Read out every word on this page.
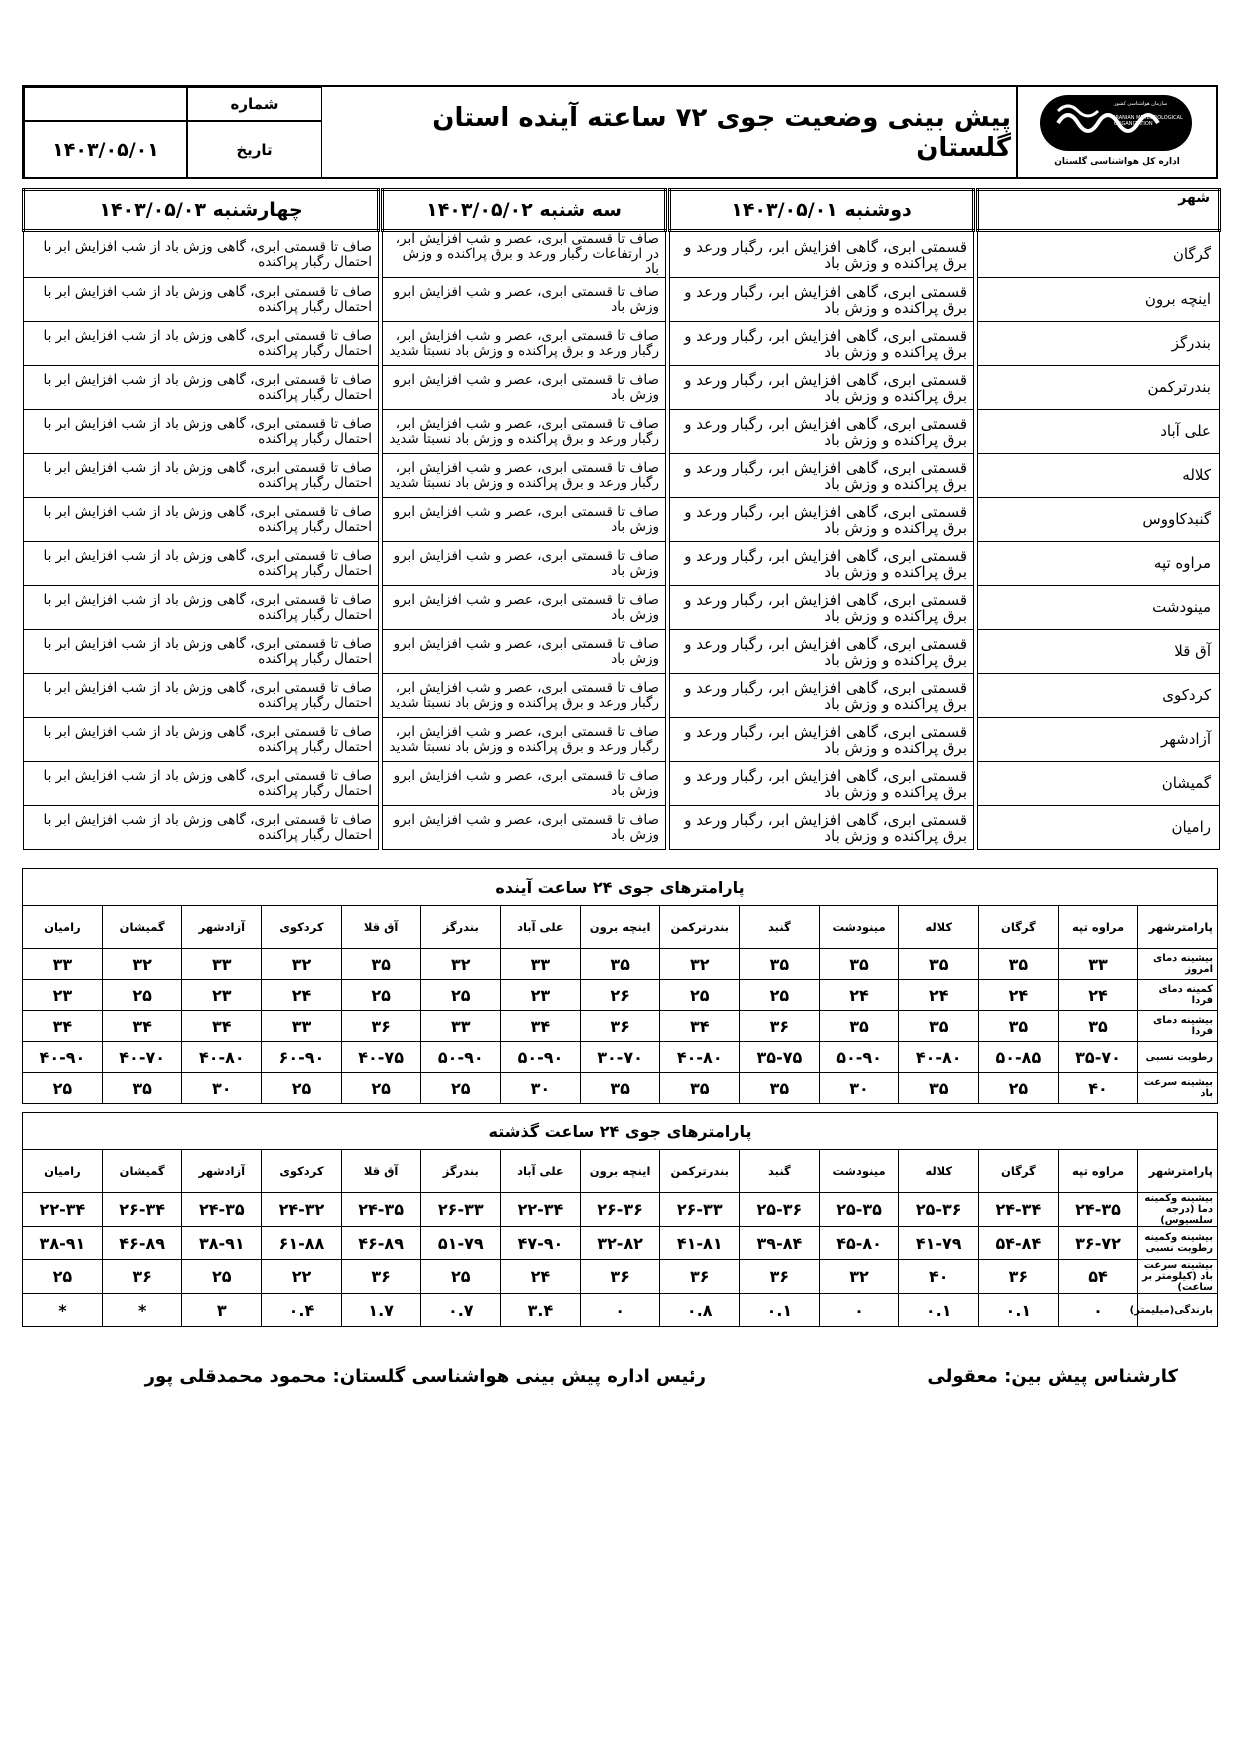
شماره
۱۴۰۳/۰۵/۰۱	تاریخ
پیش بینی وضعیت جوی ۷۲ ساعته آینده استان گلستان	اداره کل هواشناسی گلستان
IRANIAN METEOROLOGICAL ORGANIZATION
سازمان هواشناسی کشور
چهارشنبه ۱۴۰۳/۰۵/۰۳		سه شنبه ۱۴۰۳/۰۵/۰۲		دوشنبه ۱۴۰۳/۰۵/۰۱		شهر
صاف تا قسمتی ابری، گاهی وزش باد از شب افزایش ابر با احتمال رگبار پراکنده		صاف تا قسمتی ابری، عصر و شب افزایش ابر، در ارتفاعات رگبار ورعد و برق پراکنده و وزش باد		قسمتی ابری، گاهی افزایش ابر، رگبار ورعد و برق پراکنده و وزش باد		گرگان
صاف تا قسمتی ابری، گاهی وزش باد از شب افزایش ابر با احتمال رگبار پراکنده		صاف تا قسمتی ابری، عصر و شب افزایش ابرو وزش باد		قسمتی ابری، گاهی افزایش ابر، رگبار ورعد و برق پراکنده و وزش باد		اینچه برون
صاف تا قسمتی ابری، گاهی وزش باد از شب افزایش ابر با احتمال رگبار پراکنده		صاف تا قسمتی ابری، عصر و شب افزایش ابر، رگبار ورعد و برق پراکنده و وزش باد نسبتا شدید		قسمتی ابری، گاهی افزایش ابر، رگبار ورعد و برق پراکنده و وزش باد		بندرگز
صاف تا قسمتی ابری، گاهی وزش باد از شب افزایش ابر با احتمال رگبار پراکنده		صاف تا قسمتی ابری، عصر و شب افزایش ابرو وزش باد		قسمتی ابری، گاهی افزایش ابر، رگبار ورعد و برق پراکنده و وزش باد		بندرترکمن
صاف تا قسمتی ابری، گاهی وزش باد از شب افزایش ابر با احتمال رگبار پراکنده		صاف تا قسمتی ابری، عصر و شب افزایش ابر، رگبار ورعد و برق پراکنده و وزش باد نسبتا شدید		قسمتی ابری، گاهی افزایش ابر، رگبار ورعد و برق پراکنده و وزش باد		علی آباد
صاف تا قسمتی ابری، گاهی وزش باد از شب افزایش ابر با احتمال رگبار پراکنده		صاف تا قسمتی ابری، عصر و شب افزایش ابر، رگبار ورعد و برق پراکنده و وزش باد نسبتا شدید		قسمتی ابری، گاهی افزایش ابر، رگبار ورعد و برق پراکنده و وزش باد		کلاله
صاف تا قسمتی ابری، گاهی وزش باد از شب افزایش ابر با احتمال رگبار پراکنده		صاف تا قسمتی ابری، عصر و شب افزایش ابرو وزش باد		قسمتی ابری، گاهی افزایش ابر، رگبار ورعد و برق پراکنده و وزش باد		گنبدکاووس
صاف تا قسمتی ابری، گاهی وزش باد از شب افزایش ابر با احتمال رگبار پراکنده		صاف تا قسمتی ابری، عصر و شب افزایش ابرو وزش باد		قسمتی ابری، گاهی افزایش ابر، رگبار ورعد و برق پراکنده و وزش باد		مراوه تپه
صاف تا قسمتی ابری، گاهی وزش باد از شب افزایش ابر با احتمال رگبار پراکنده		صاف تا قسمتی ابری، عصر و شب افزایش ابرو وزش باد		قسمتی ابری، گاهی افزایش ابر، رگبار ورعد و برق پراکنده و وزش باد		مینودشت
صاف تا قسمتی ابری، گاهی وزش باد از شب افزایش ابر با احتمال رگبار پراکنده		صاف تا قسمتی ابری، عصر و شب افزایش ابرو وزش باد		قسمتی ابری، گاهی افزایش ابر، رگبار ورعد و برق پراکنده و وزش باد		آق قلا
صاف تا قسمتی ابری، گاهی وزش باد از شب افزایش ابر با احتمال رگبار پراکنده		صاف تا قسمتی ابری، عصر و شب افزایش ابر، رگبار ورعد و برق پراکنده و وزش باد نسبتا شدید		قسمتی ابری، گاهی افزایش ابر، رگبار ورعد و برق پراکنده و وزش باد		کردکوی
صاف تا قسمتی ابری، گاهی وزش باد از شب افزایش ابر با احتمال رگبار پراکنده		صاف تا قسمتی ابری، عصر و شب افزایش ابر، رگبار ورعد و برق پراکنده و وزش باد نسبتا شدید		قسمتی ابری، گاهی افزایش ابر، رگبار ورعد و برق پراکنده و وزش باد		آزادشهر
صاف تا قسمتی ابری، گاهی وزش باد از شب افزایش ابر با احتمال رگبار پراکنده		صاف تا قسمتی ابری، عصر و شب افزایش ابرو وزش باد		قسمتی ابری، گاهی افزایش ابر، رگبار ورعد و برق پراکنده و وزش باد		گمیشان
صاف تا قسمتی ابری، گاهی وزش باد از شب افزایش ابر با احتمال رگبار پراکنده		صاف تا قسمتی ابری، عصر و شب افزایش ابرو وزش باد		قسمتی ابری، گاهی افزایش ابر، رگبار ورعد و برق پراکنده و وزش باد		رامیان
پارامترهای جوی ۲۴ ساعت آینده														
پارامترشهر	مراوه تپه	گرگان	کلاله	مینودشت	گنبد	بندرترکمن	اینچه برون	علی آباد	بندرگز	آق قلا	کردکوی	آزادشهر	گمیشان	رامیان
بیشینه دمای امروز	۳۳	۳۵	۳۵	۳۵	۳۵	۳۲	۳۵	۳۳	۳۲	۳۵	۳۲	۳۳	۳۲	۳۳
کمینه دمای فردا	۲۴	۲۴	۲۴	۲۴	۲۵	۲۵	۲۶	۲۳	۲۵	۲۵	۲۴	۲۳	۲۵	۲۳
بیشینه دمای فردا	۳۵	۳۵	۳۵	۳۵	۳۶	۳۴	۳۶	۳۴	۳۳	۳۶	۳۳	۳۴	۳۴	۳۴
رطوبت نسبی	۳۵-۷۰	۵۰-۸۵	۴۰-۸۰	۵۰-۹۰	۳۵-۷۵	۴۰-۸۰	۳۰-۷۰	۵۰-۹۰	۵۰-۹۰	۴۰-۷۵	۶۰-۹۰	۴۰-۸۰	۴۰-۷۰	۴۰-۹۰
بیشینه سرعت باد	۴۰	۲۵	۳۵	۳۰	۳۵	۳۵	۳۵	۳۰	۲۵	۲۵	۲۵	۳۰	۳۵	۲۵
پارامترهای جوی ۲۴ ساعت گذشته														
پارامترشهر	مراوه تپه	گرگان	کلاله	مینودشت	گنبد	بندرترکمن	اینچه برون	علی آباد	بندرگز	آق قلا	کردکوی	آزادشهر	گمیشان	رامیان
بیشینه وکمینه دما (درجه سلسیوس)	۲۴-۳۵	۲۴-۳۴	۲۵-۳۶	۲۵-۳۵	۲۵-۳۶	۲۶-۳۳	۲۶-۳۶	۲۲-۳۴	۲۶-۳۳	۲۴-۳۵	۲۴-۳۲	۲۴-۳۵	۲۶-۳۴	۲۲-۳۴
بیشینه وکمینه رطوبت نسبی	۳۶-۷۲	۵۴-۸۴	۴۱-۷۹	۴۵-۸۰	۳۹-۸۴	۴۱-۸۱	۳۲-۸۲	۴۷-۹۰	۵۱-۷۹	۴۶-۸۹	۶۱-۸۸	۳۸-۹۱	۴۶-۸۹	۳۸-۹۱
بیشینه سرعت باد (کیلومتر بر ساعت)	۵۴	۳۶	۴۰	۳۲	۳۶	۳۶	۳۶	۲۴	۲۵	۳۶	۲۲	۲۵	۳۶	۲۵
بارندگی(میلیمتر)	۰	۰.۱	۰.۱	۰	۰.۱	۰.۸	۰	۳.۴	۰.۷	۱.۷	۰.۴	۳	*	*
کارشناس پیش بین: معقولی
رئیس اداره پیش بینی هواشناسی گلستان: محمود محمدقلی پور
